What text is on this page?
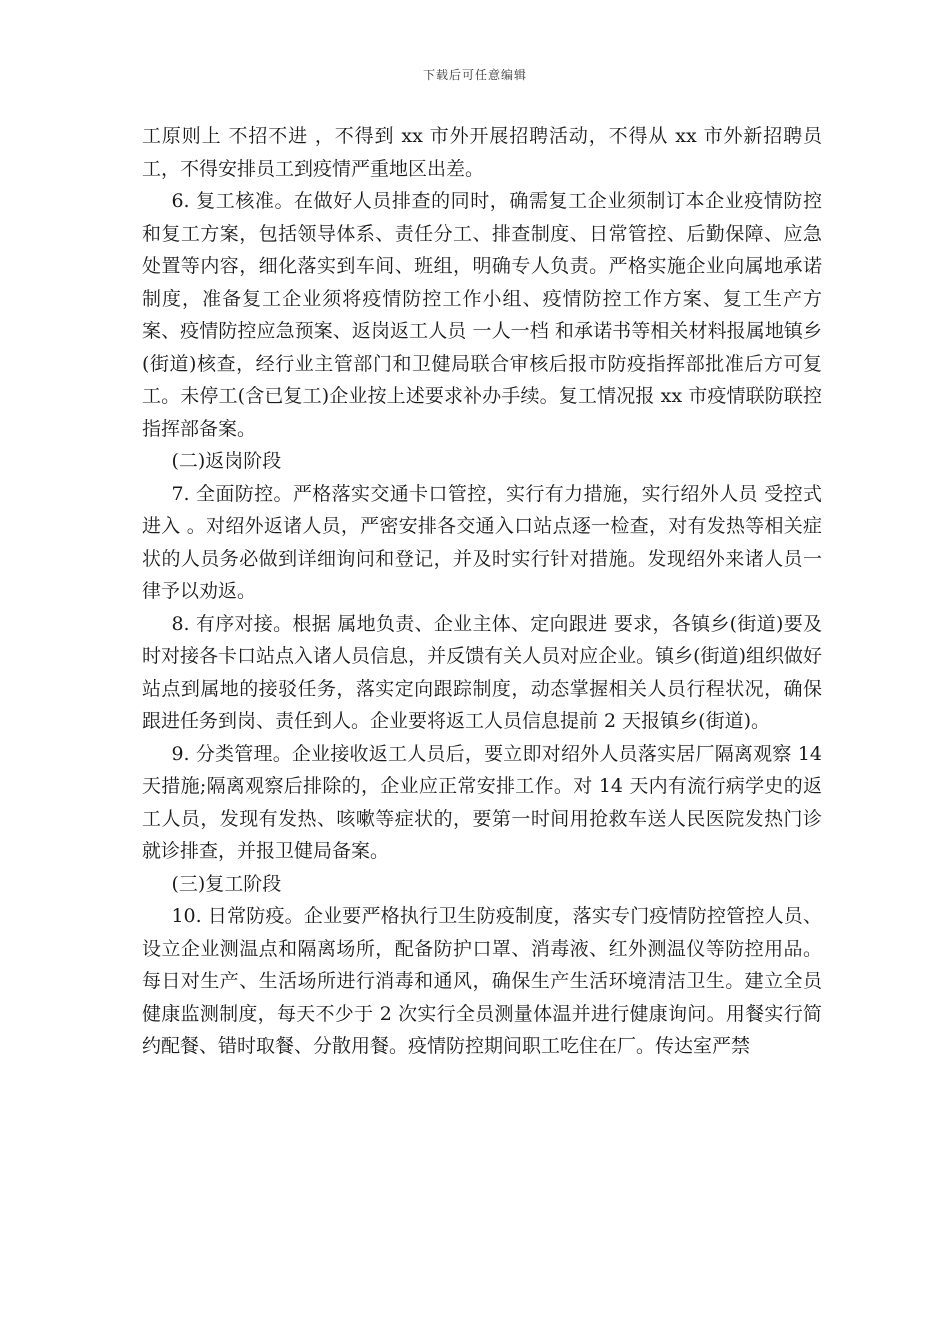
下载后可任意编辑

工原则上 不招不进 ，不得到 xx 市外开展招聘活动，不得从 xx 市外新招聘员工，不得安排员工到疫情严重地区出差。

6. 复工核准。在做好人员排查的同时，确需复工企业须制订本企业疫情防控和复工方案，包括领导体系、责任分工、排查制度、日常管控、后勤保障、应急处置等内容，细化落实到车间、班组，明确专人负责。严格实施企业向属地承诺制度，准备复工企业须将疫情防控工作小组、疫情防控工作方案、复工生产方案、疫情防控应急预案、返岗返工人员 一人一档 和承诺书等相关材料报属地镇乡(街道)核查，经行业主管部门和卫健局联合审核后报市防疫指挥部批准后方可复工。未停工(含已复工)企业按上述要求补办手续。复工情况报 xx 市疫情联防联控指挥部备案。

(二)返岗阶段

7. 全面防控。严格落实交通卡口管控，实行有力措施，实行绍外人员 受控式进入 。对绍外返诸人员，严密安排各交通入口站点逐一检查，对有发热等相关症状的人员务必做到详细询问和登记，并及时实行针对措施。发现绍外来诸人员一律予以劝返。

8. 有序对接。根据 属地负责、企业主体、定向跟进 要求，各镇乡(街道)要及时对接各卡口站点入诸人员信息，并反馈有关人员对应企业。镇乡(街道)组织做好站点到属地的接驳任务，落实定向跟踪制度，动态掌握相关人员行程状况，确保跟进任务到岗、责任到人。企业要将返工人员信息提前 2 天报镇乡(街道)。

9. 分类管理。企业接收返工人员后，要立即对绍外人员落实居厂隔离观察 14 天措施;隔离观察后排除的，企业应正常安排工作。对 14 天内有流行病学史的返工人员，发现有发热、咳嗽等症状的，要第一时间用抢救车送人民医院发热门诊就诊排查，并报卫健局备案。

(三)复工阶段

10. 日常防疫。企业要严格执行卫生防疫制度，落实专门疫情防控管控人员、设立企业测温点和隔离场所，配备防护口罩、消毒液、红外测温仪等防控用品。每日对生产、生活场所进行消毒和通风，确保生产生活环境清洁卫生。建立全员健康监测制度，每天不少于 2 次实行全员测量体温并进行健康询问。用餐实行简约配餐、错时取餐、分散用餐。疫情防控期间职工吃住在厂。传达室严禁
